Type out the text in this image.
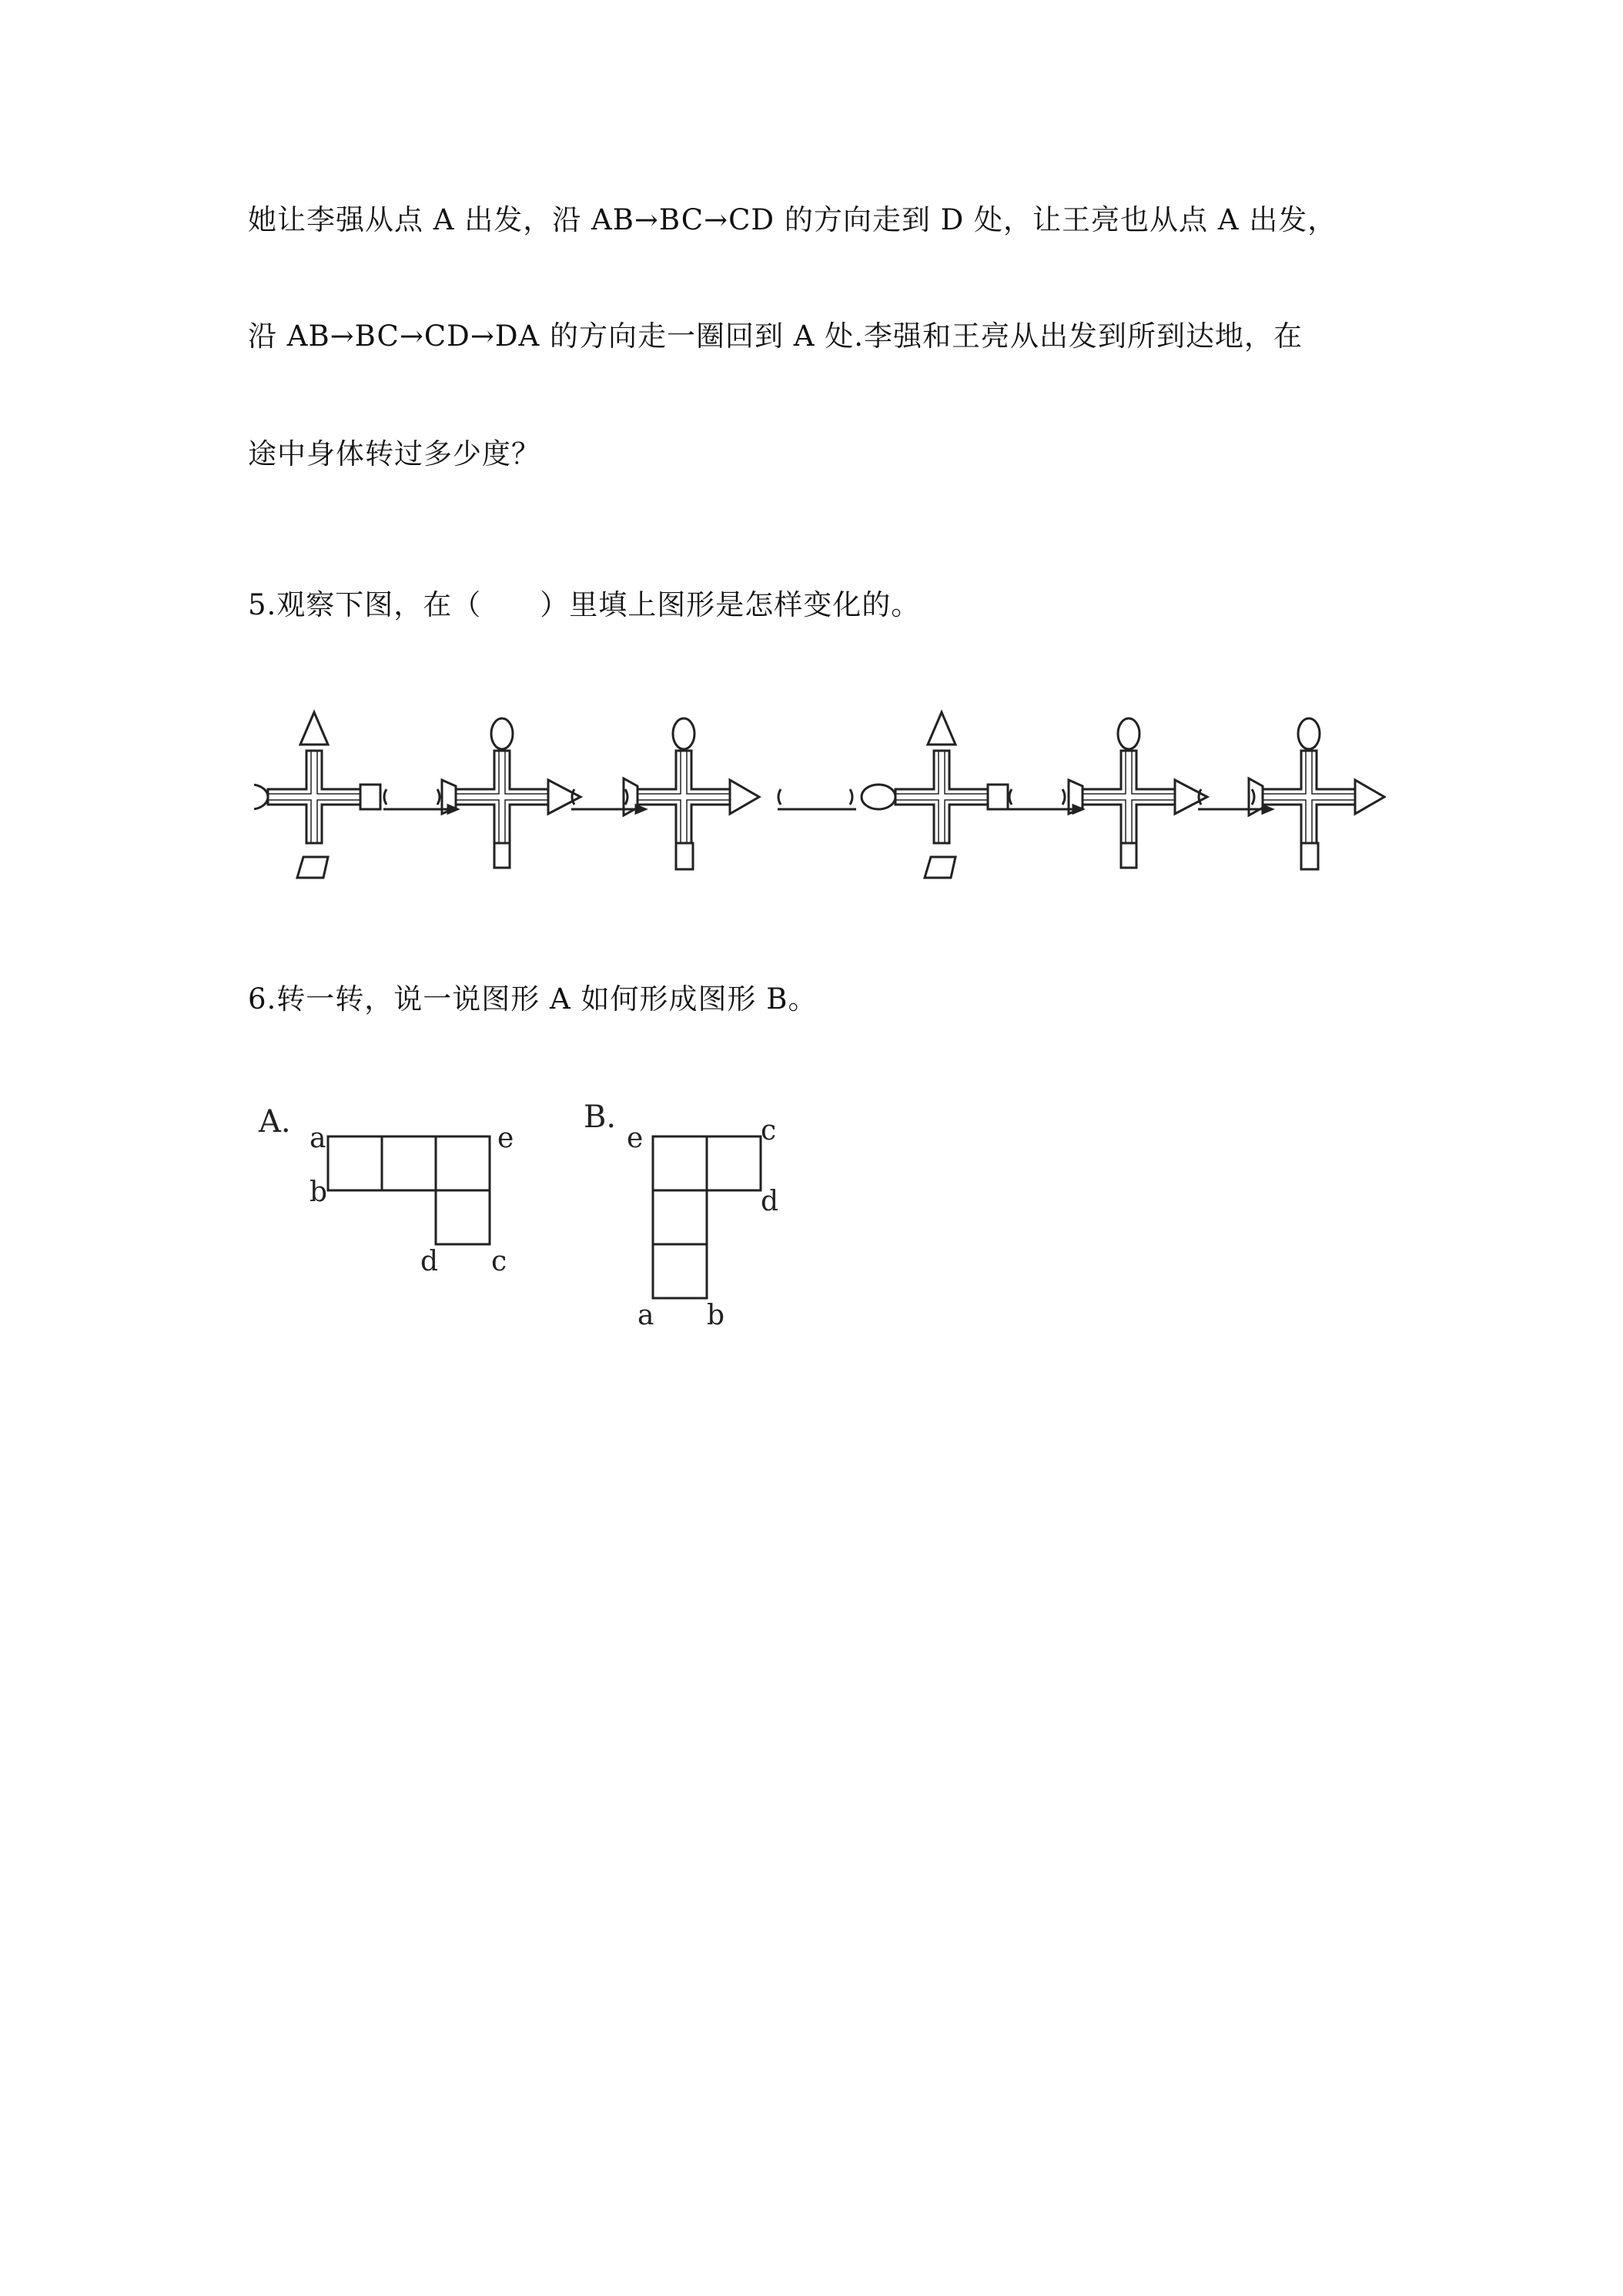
她让李强从点 A 出发，沿 AB→BC→CD 的方向走到 D 处，让王亮也从点 A 出发，
沿 AB→BC→CD→DA 的方向走一圈回到 A 处.李强和王亮从出发到所到达地，在
途中身体转过多少度？
5.观察下图，在（　　）里填上图形是怎样变化的。
6.转一转，说一说图形 A 如何形成图形 B。
A. a
b
e
d c
B.
e	c
d
a b
